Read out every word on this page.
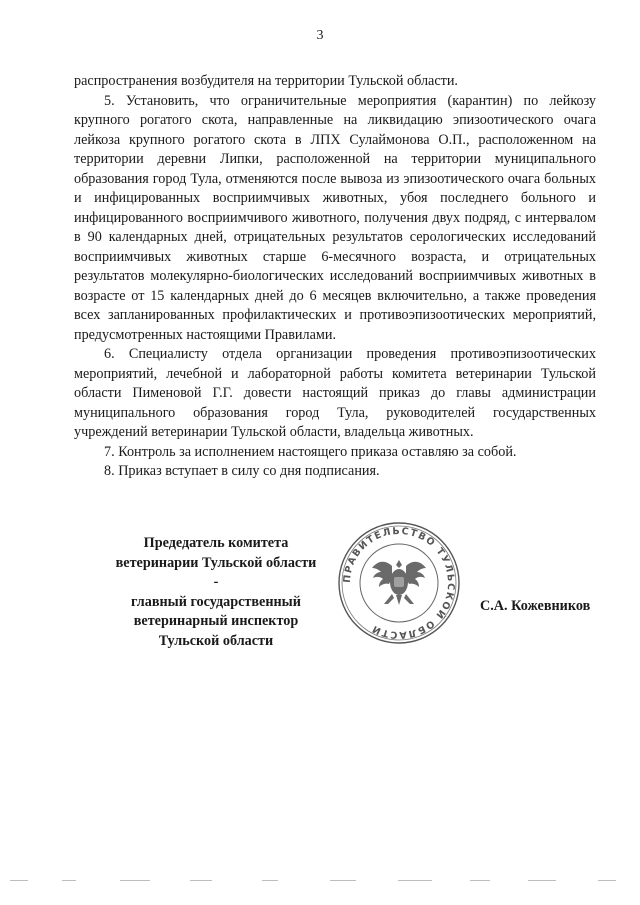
3

распространения возбудителя на территории Тульской области.

5. Установить, что ограничительные мероприятия (карантин) по лейкозу крупного рогатого скота, направленные на ликвидацию эпизоотического очага лейкоза крупного рогатого скота в ЛПХ Сулаймонова О.П., расположенном на территории деревни Липки, расположенной на территории муниципального образования город Тула, отменяются после вывоза из эпизоотического очага больных и инфицированных восприимчивых животных, убоя последнего больного и инфицированного восприимчивого животного, получения двух подряд, с интервалом в 90 календарных дней, отрицательных результатов серологических исследований восприимчивых животных старше 6-месячного возраста, и отрицательных результатов молекулярно-биологических исследований восприимчивых животных в возрасте от 15 календарных дней до 6 месяцев включительно, а также проведения всех запланированных профилактических и противоэпизоотических мероприятий, предусмотренных настоящими Правилами.

6. Специалисту отдела организации проведения противоэпизоотических мероприятий, лечебной и лабораторной работы комитета ветеринарии Тульской области Пименовой Г.Г. довести настоящий приказ до главы администрации муниципального образования город Тула, руководителей государственных учреждений ветеринарии Тульской области, владельца животных.

7. Контроль за исполнением настоящего приказа оставляю за собой.

8. Приказ вступает в силу со дня подписания.

Предедатель комитета
ветеринарии Тульской области -
главный государственный
ветеринарный инспектор
Тульской области
ПРАВИТЕЛЬСТВО ТУЛЬСКОЙ ОБЛАСТИ
С.А. Кожевников
